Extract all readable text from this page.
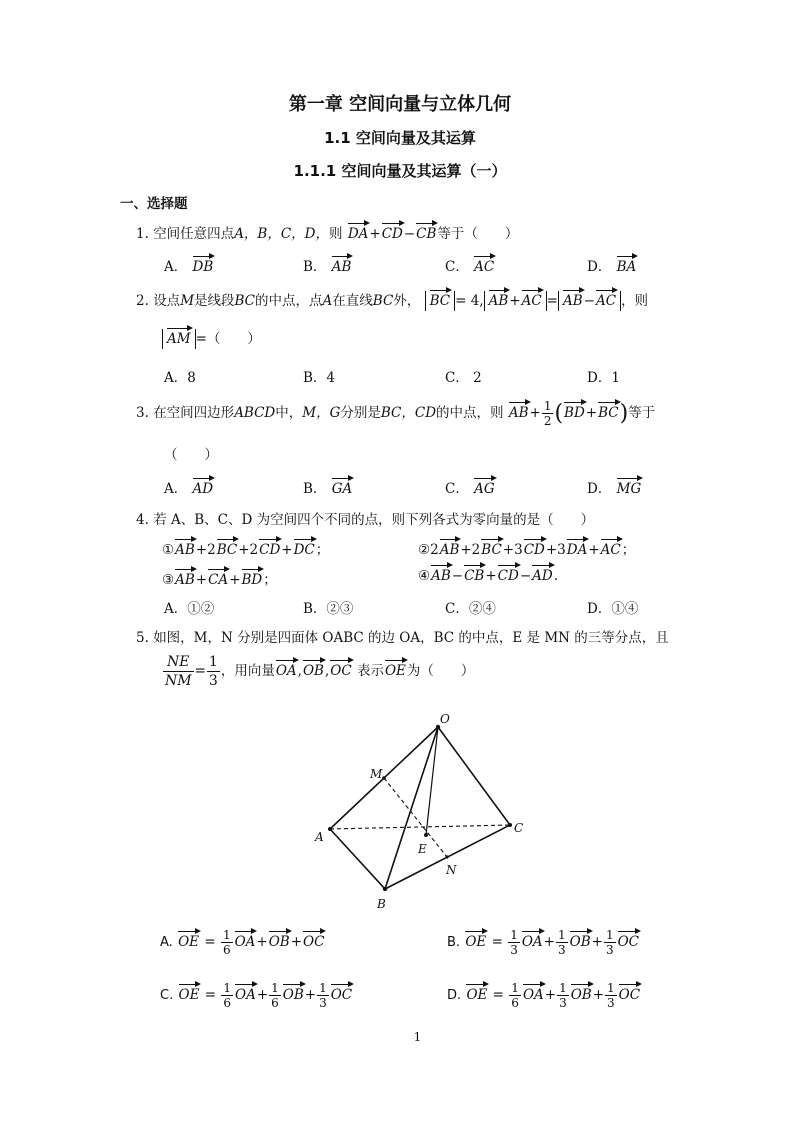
第一章 空间向量与立体几何
1.1 空间向量及其运算
1.1.1 空间向量及其运算（一）
一、选择题
1. 空间任意四点A，B，C，D，则 DA+CD−CB等于（　　）
A． DB	B． AB	C． AC	D． BA
2. 设点M是线段BC的中点，点A在直线BC外， BC = 4, AB+AC = AB−AC ，则
AM =（　　）
A．8	B．4	C． 2	D．1
3. 在空间四边形ABCD中，M，G分别是BC，CD的中点，则 $AB+ \frac{1}{2} (BD+BC)$等于
（　　）
A． AD	B． GA	C． AG	D． MG
4. 若 A、B、C、D 为空间四个不同的点，则下列各式为零向量的是（　　）
①AB+2BC+2CD+DC；	②2AB+2BC+3CD+3DA+AC；
③AB+CA+BD；	④AB−CB+CD−AD.
A．①②	B．②③	C．②④	D．①④
5. 如图，M，N 分别是四面体 OABC 的边 OA，BC 的中点，E 是 MN 的三等分点，且
$\frac{NE}{NM} = \frac{1}{3}$ ，用向量OA,OB,OC 表示OE为（　　）
O
M
A
C
E
N
B
A. OE = $\frac{1}{6} OA+OB+OC$	B. OE = $\frac{1}{3} OA+ \frac{1}{3} OB+ \frac{1}{3}$ OC
C. OE = $\frac{1}{6} OA+ \frac{1}{6} OB+ \frac{1}{3}$ OC	D. OE = $\frac{1}{6} OA+ \frac{1}{3} OB+ \frac{1}{3}$ OC
1
